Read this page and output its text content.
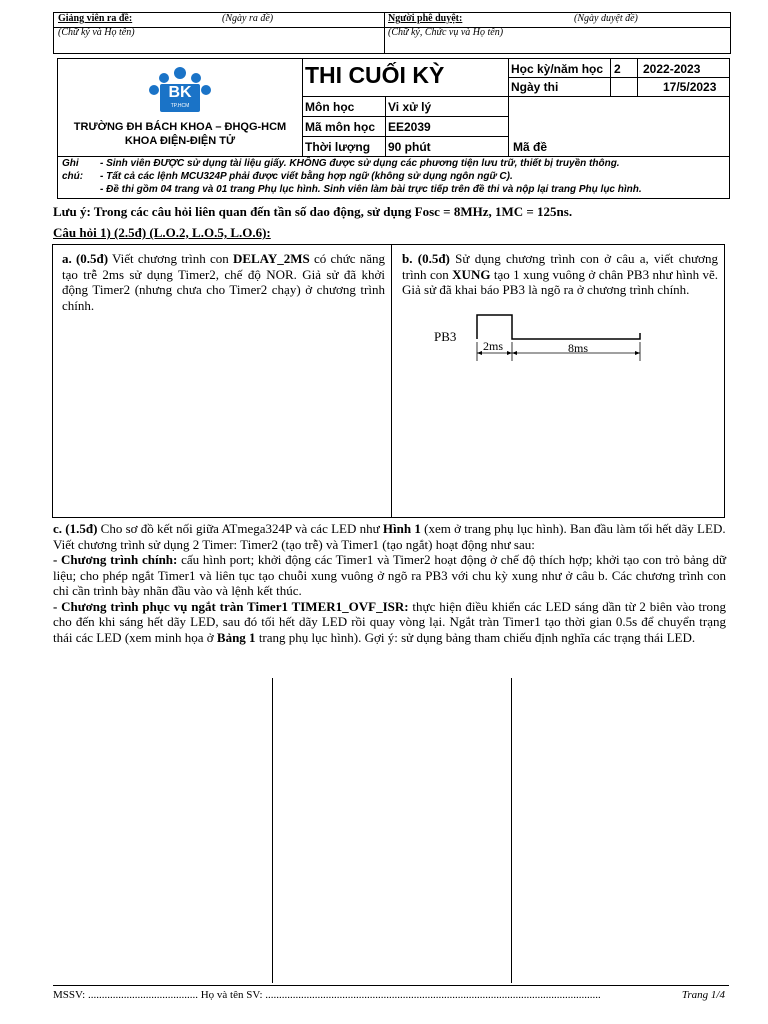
Giảng viên ra đề:	(Ngày ra đề)
(Chữ ký và Họ tên)
Người phê duyệt:	(Ngày duyệt đề)
(Chữ ký, Chức vụ và Họ tên)
BK
TP.HCM
TRƯỜNG ĐH BÁCH KHOA – ĐHQG-HCM
KHOA ĐIỆN-ĐIỆN TỬ
THI CUỐI KỲ	Học kỳ/năm học 2 2022-2023
Ngày thi	17/5/2023
Môn học	Vi xử lý
Mã môn học EE2039
Thời lượng 90 phút	Mã đề
Ghi
chú:
- Sinh viên ĐƯỢC sử dụng tài liệu giấy. KHÔNG được sử dụng các phương tiện lưu trữ, thiết bị truyền thông.
- Tất cả các lệnh MCU324P phải được viết bằng hợp ngữ (không sử dụng ngôn ngữ C).
- Đề thi gồm 04 trang và 01 trang Phụ lục hình. Sinh viên làm bài trực tiếp trên đề thi và nộp lại trang Phụ lục hình.
Lưu ý: Trong các câu hỏi liên quan đến tần số dao động, sử dụng Fosc = 8MHz, 1MC = 125ns.
Câu hỏi 1) (2.5đ) (L.O.2, L.O.5, L.O.6):
a. (0.5đ) Viết chương trình con DELAY_2MS có chức năng tạo trễ 2ms sử dụng Timer2, chế độ NOR. Giả sử đã khởi động Timer2 (nhưng chưa cho Timer2 chạy) ở chương trình chính.
b. (0.5đ) Sử dụng chương trình con ở câu a, viết chương trình con XUNG tạo 1 xung vuông ở chân PB3 như hình vẽ. Giả sử đã khai báo PB3 là ngõ ra ở chương trình chính.
PB3
2ms	8ms

c. (1.5đ) Cho sơ đồ kết nối giữa ATmega324P và các LED như Hình 1 (xem ở trang phụ lục hình). Ban đầu làm tối hết dãy LED.

Viết chương trình sử dụng 2 Timer: Timer2 (tạo trễ) và Timer1 (tạo ngắt) hoạt động như sau:

- Chương trình chính: cấu hình port; khởi động các Timer1 và Timer2 hoạt động ở chế độ thích hợp; khởi tạo con trỏ bảng dữ liệu; cho phép ngắt Timer1 và liên tục tạo chuỗi xung vuông ở ngõ ra PB3 với chu kỳ xung như ở câu b. Các chương trình con chỉ cần trình bày nhãn đầu vào và lệnh kết thúc.

- Chương trình phục vụ ngắt tràn Timer1 TIMER1_OVF_ISR: thực hiện điều khiển các LED sáng dần từ 2 biên vào trong cho đến khi sáng hết dãy LED, sau đó tối hết dãy LED rồi quay vòng lại. Ngắt tràn Timer1 tạo thời gian 0.5s để chuyển trạng thái các LED (xem minh họa ở Bảng 1 trang phụ lục hình). Gợi ý: sử dụng bảng tham chiếu định nghĩa các trạng thái LED.

MSSV: ........................................ Họ và tên SV: ..........................................................................................................................	Trang 1/4
